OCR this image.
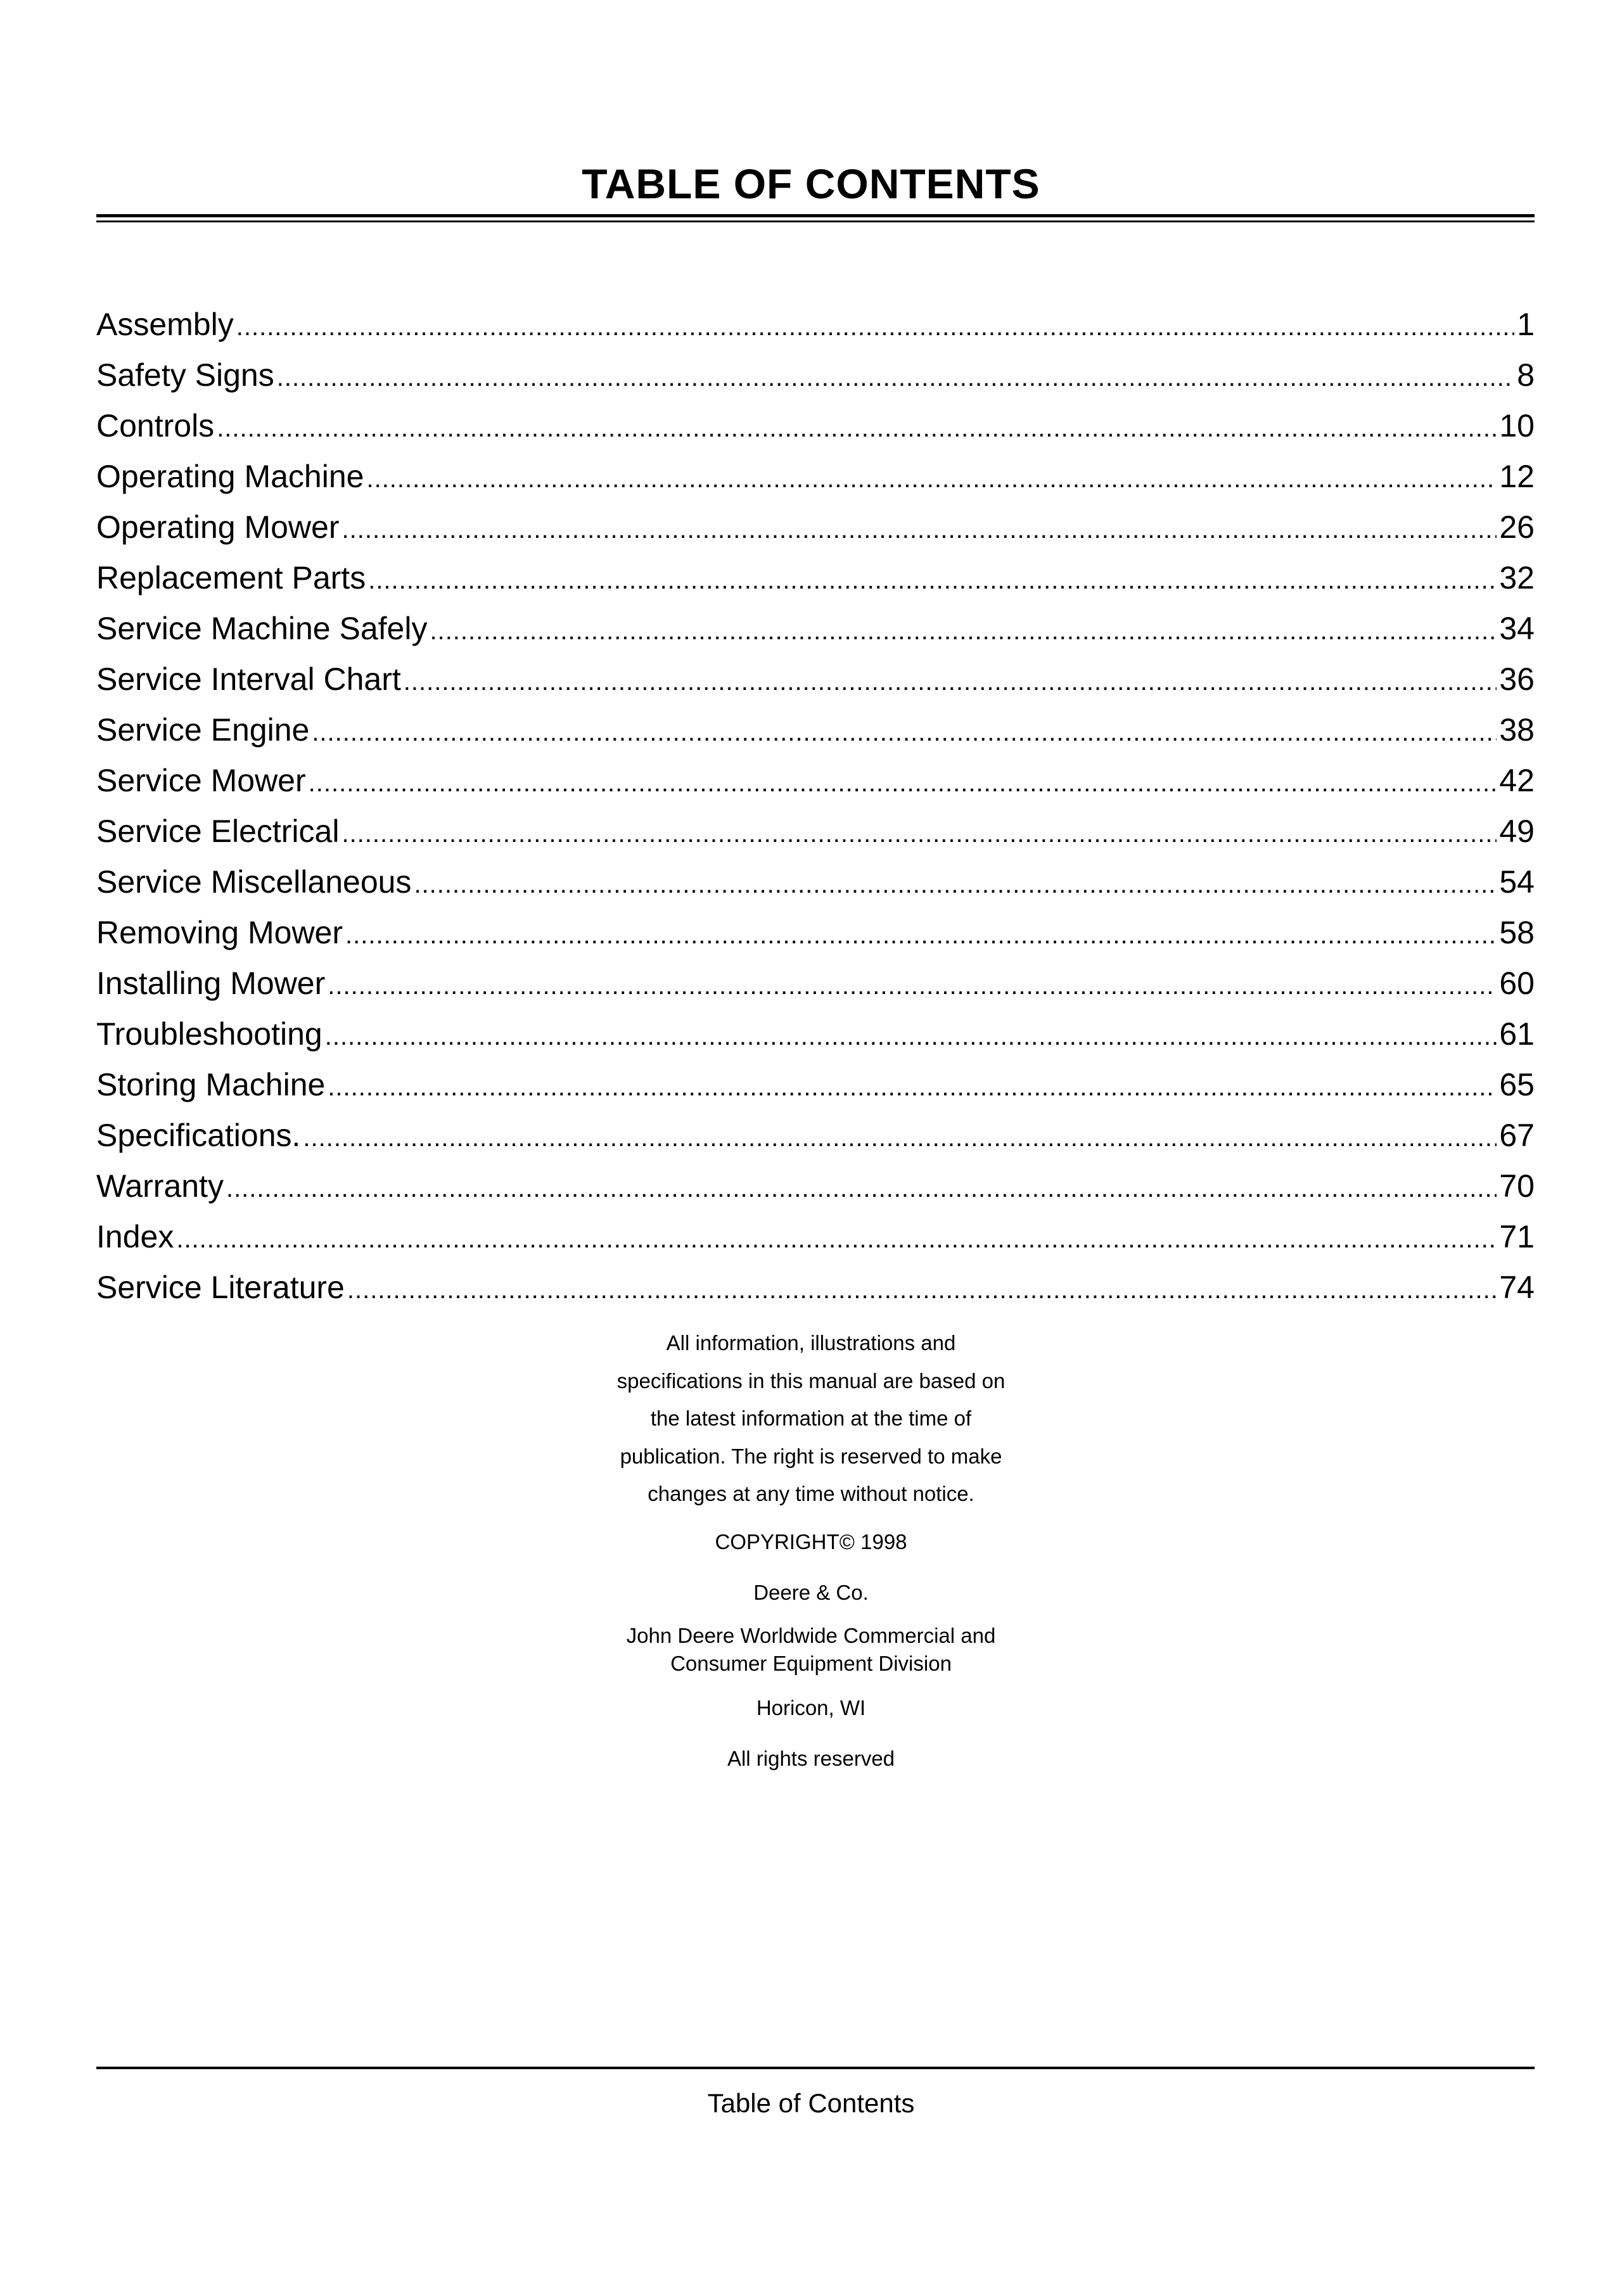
TABLE OF CONTENTS
Assembly .....	1
Safety Signs .....	8
Controls .....	10
Operating Machine .....	12
Operating Mower .....	26
Replacement Parts .....	32
Service Machine Safely .....	34
Service Interval Chart .....	36
Service Engine .....	38
Service Mower .....	42
Service Electrical .....	49
Service Miscellaneous .....	54
Removing Mower .....	58
Installing Mower .....	60
Troubleshooting .....	61
Storing Machine .....	65
Specifications. .....	67
Warranty .....	70
Index .....	71
Service Literature .....	74
All information, illustrations and
specifications in this manual are based on
the latest information at the time of
publication. The right is reserved to make
changes at any time without notice.
COPYRIGHT© 1998
Deere & Co.
John Deere Worldwide Commercial and
Consumer Equipment Division
Horicon, WI
All rights reserved
Table of Contents
